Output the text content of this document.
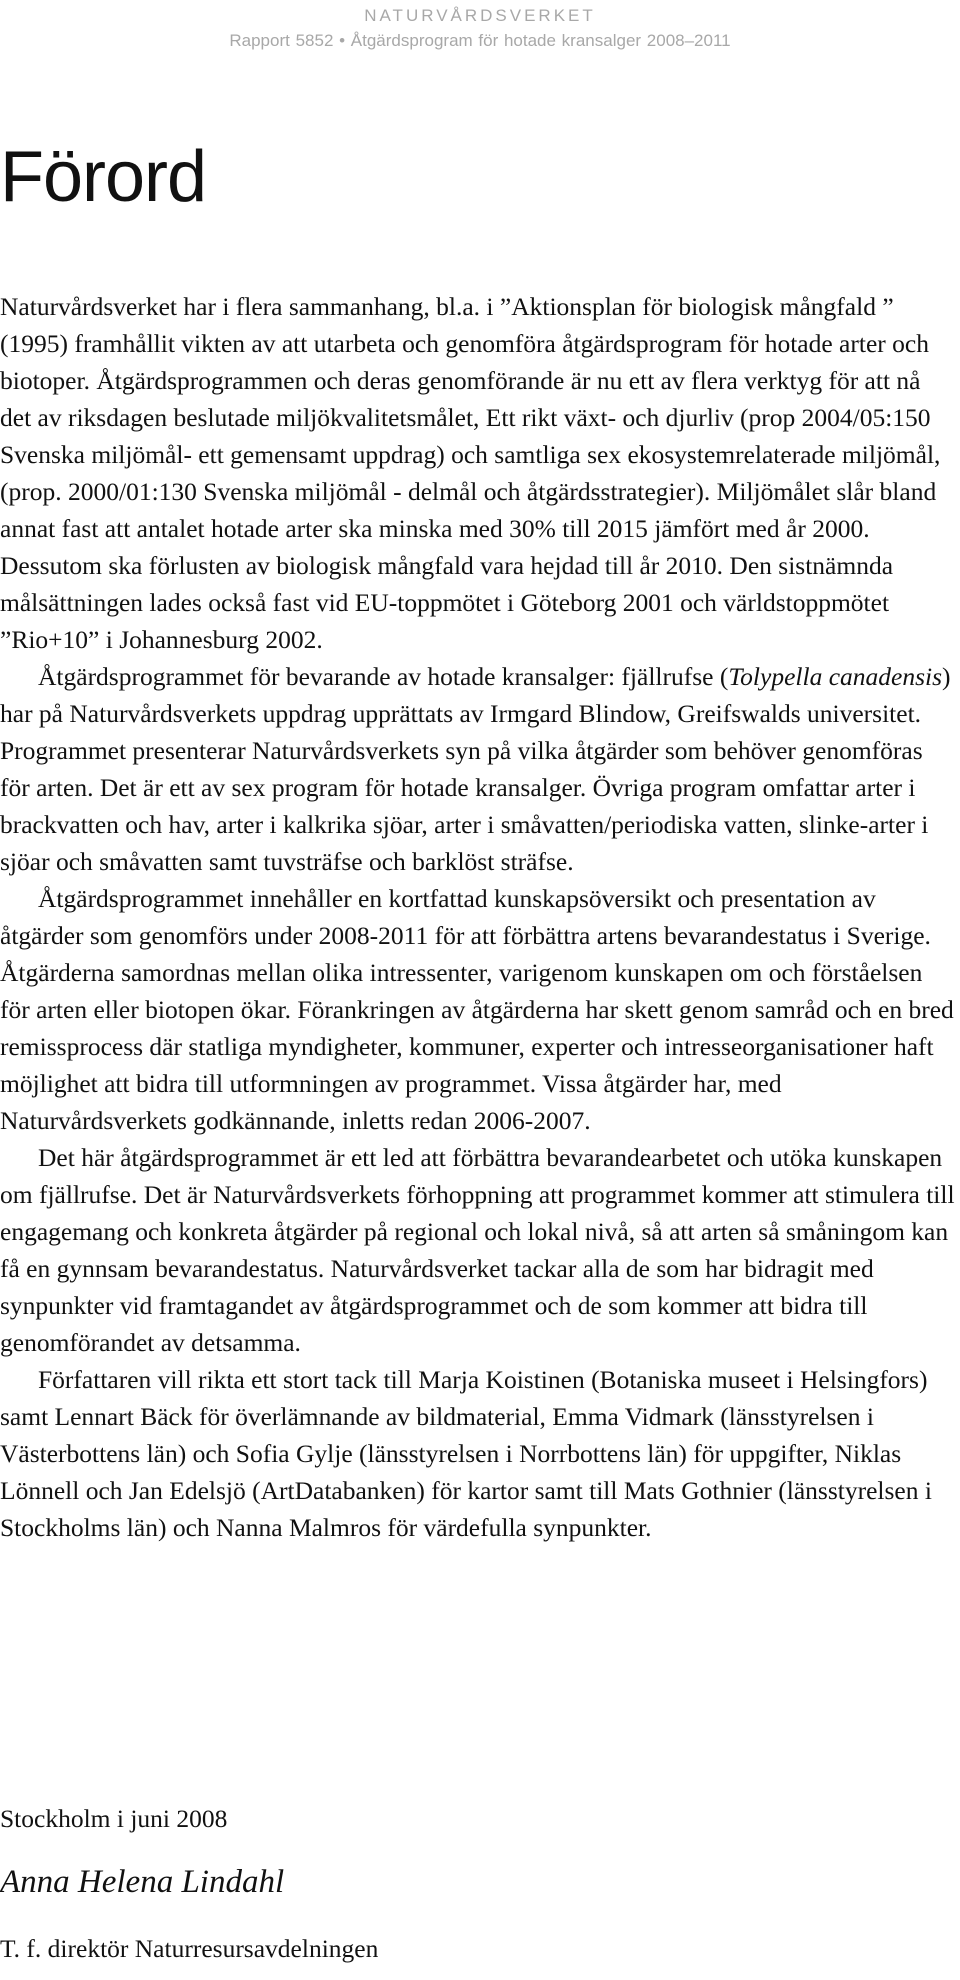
NATURVÅRDSVERKET
Rapport 5852 • Åtgärdsprogram för hotade kransalger 2008–2011
Förord

Naturvårdsverket har i flera sammanhang, bl.a. i ”Aktionsplan för biologisk mångfald ” (1995) framhållit vikten av att utarbeta och genomföra åtgärdsprogram för hotade arter och biotoper. Åtgärdsprogrammen och deras genomförande är nu ett av flera verktyg för att nå det av riksdagen beslutade miljökvalitetsmålet, Ett rikt växt- och djurliv (prop 2004/05:150 Svenska miljömål- ett gemensamt uppdrag) och samtliga sex ekosystemrelaterade miljömål, (prop. 2000/01:130 Svenska miljömål - delmål och åtgärdsstrategier). Miljömålet slår bland annat fast att antalet hotade arter ska minska med 30% till 2015 jämfört med år 2000. Dessutom ska förlusten av biologisk mångfald vara hejdad till år 2010. Den sistnämnda målsättningen lades också fast vid EU-toppmötet i Göteborg 2001 och världstoppmötet ”Rio+10” i Johannesburg 2002.

Åtgärdsprogrammet för bevarande av hotade kransalger: fjällrufse (Tolypella canadensis) har på Naturvårdsverkets uppdrag upprättats av Irmgard Blindow, Greifswalds universitet. Programmet presenterar Naturvårdsverkets syn på vilka åtgärder som behöver genomföras för arten. Det är ett av sex program för hotade kransalger. Övriga program omfattar arter i brackvatten och hav, arter i kalkrika sjöar, arter i småvatten/periodiska vatten, slinke-arter i sjöar och småvatten samt tuvsträfse och barklöst sträfse.

Åtgärdsprogrammet innehåller en kortfattad kunskapsöversikt och presentation av åtgärder som genomförs under 2008-2011 för att förbättra artens bevarandestatus i Sverige. Åtgärderna samordnas mellan olika intressenter, varigenom kunskapen om och förståelsen för arten eller biotopen ökar. Förankringen av åtgärderna har skett genom samråd och en bred remissprocess där statliga myndigheter, kommuner, experter och intresseorganisationer haft möjlighet att bidra till utformningen av programmet. Vissa åtgärder har, med Naturvårdsverkets godkännande, inletts redan 2006-2007.

Det här åtgärdsprogrammet är ett led att förbättra bevarandearbetet och utöka kunskapen om fjällrufse. Det är Naturvårdsverkets förhoppning att programmet kommer att stimulera till engagemang och konkreta åtgärder på regional och lokal nivå, så att arten så småningom kan få en gynnsam bevarandestatus. Naturvårdsverket tackar alla de som har bidragit med synpunkter vid framtagandet av åtgärdsprogrammet och de som kommer att bidra till genomförandet av detsamma.

Författaren vill rikta ett stort tack till Marja Koistinen (Botaniska museet i Helsingfors) samt Lennart Bäck för överlämnande av bildmaterial, Emma Vidmark (länsstyrelsen i Västerbottens län) och Sofia Gylje (länsstyrelsen i Norrbottens län) för uppgifter, Niklas Lönnell och Jan Edelsjö (ArtDatabanken) för kartor samt till Mats Gothnier (länsstyrelsen i Stockholms län) och Nanna Malmros för värdefulla synpunkter.

Stockholm i juni 2008
Anna Helena Lindahl
T. f. direktör Naturresursavdelningen
